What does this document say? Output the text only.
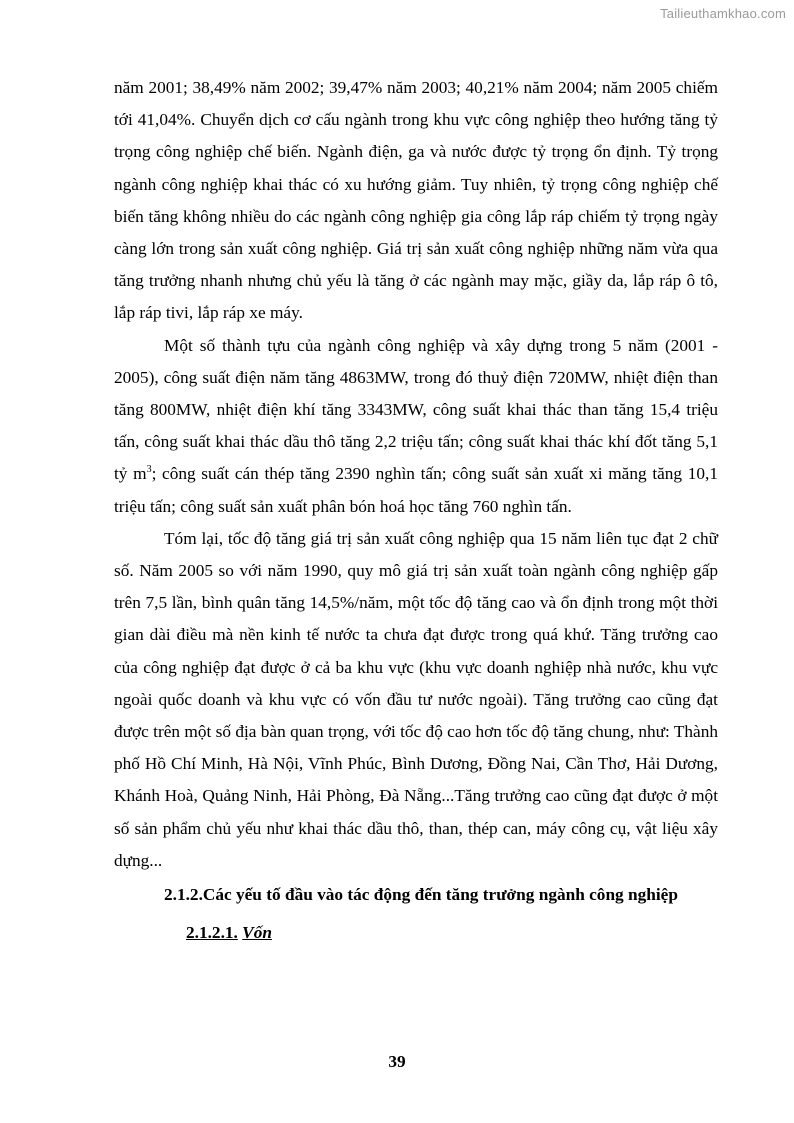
Tailieuthamkhao.com

năm 2001; 38,49% năm 2002; 39,47% năm 2003; 40,21% năm 2004; năm 2005 chiếm tới 41,04%. Chuyển dịch cơ cấu ngành trong khu vực công nghiệp theo hướng tăng tỷ trọng công nghiệp chế biến. Ngành điện, ga và nước được tỷ trọng ổn định. Tỷ trọng ngành công nghiệp khai thác có xu hướng giảm. Tuy nhiên, tỷ trọng công nghiệp chế biến tăng không nhiều do các ngành công nghiệp gia công lắp ráp chiếm tỷ trọng ngày càng lớn trong sản xuất công nghiệp. Giá trị sản xuất công nghiệp những năm vừa qua tăng trưởng nhanh nhưng chủ yếu là tăng ở các ngành may mặc, giầy da, lắp ráp ô tô, lắp ráp tivi, lắp ráp xe máy.

Một số thành tựu của ngành công nghiệp và xây dựng trong 5 năm (2001 - 2005), công suất điện năm tăng 4863MW, trong đó thuỷ điện 720MW, nhiệt điện than tăng 800MW, nhiệt điện khí tăng 3343MW, công suất khai thác than tăng 15,4 triệu tấn, công suất khai thác dầu thô tăng 2,2 triệu tấn; công suất khai thác khí đốt tăng 5,1 tỷ $m^3$; công suất cán thép tăng 2390 nghìn tấn; công suất sản xuất xi măng tăng 10,1 triệu tấn; công suất sản xuất phân bón hoá học tăng 760 nghìn tấn.

Tóm lại, tốc độ tăng giá trị sản xuất công nghiệp qua 15 năm liên tục đạt 2 chữ số. Năm 2005 so với năm 1990, quy mô giá trị sản xuất toàn ngành công nghiệp gấp trên 7,5 lần, bình quân tăng 14,5%/năm, một tốc độ tăng cao và ổn định trong một thời gian dài điều mà nền kinh tế nước ta chưa đạt được trong quá khứ. Tăng trưởng cao của công nghiệp đạt được ở cả ba khu vực (khu vực doanh nghiệp nhà nước, khu vực ngoài quốc doanh và khu vực có vốn đầu tư nước ngoài). Tăng trưởng cao cũng đạt được trên một số địa bàn quan trọng, với tốc độ cao hơn tốc độ tăng chung, như: Thành phố Hồ Chí Minh, Hà Nội, Vĩnh Phúc, Bình Dương, Đồng Nai, Cần Thơ, Hải Dương, Khánh Hoà, Quảng Ninh, Hải Phòng, Đà Nẵng...Tăng trưởng cao cũng đạt được ở một số sản phẩm chủ yếu như khai thác dầu thô, than, thép can, máy công cụ, vật liệu xây dựng...

2.1.2.Các yếu tố đầu vào tác động đến tăng trưởng ngành công nghiệp

2.1.2.1. Vốn

39
